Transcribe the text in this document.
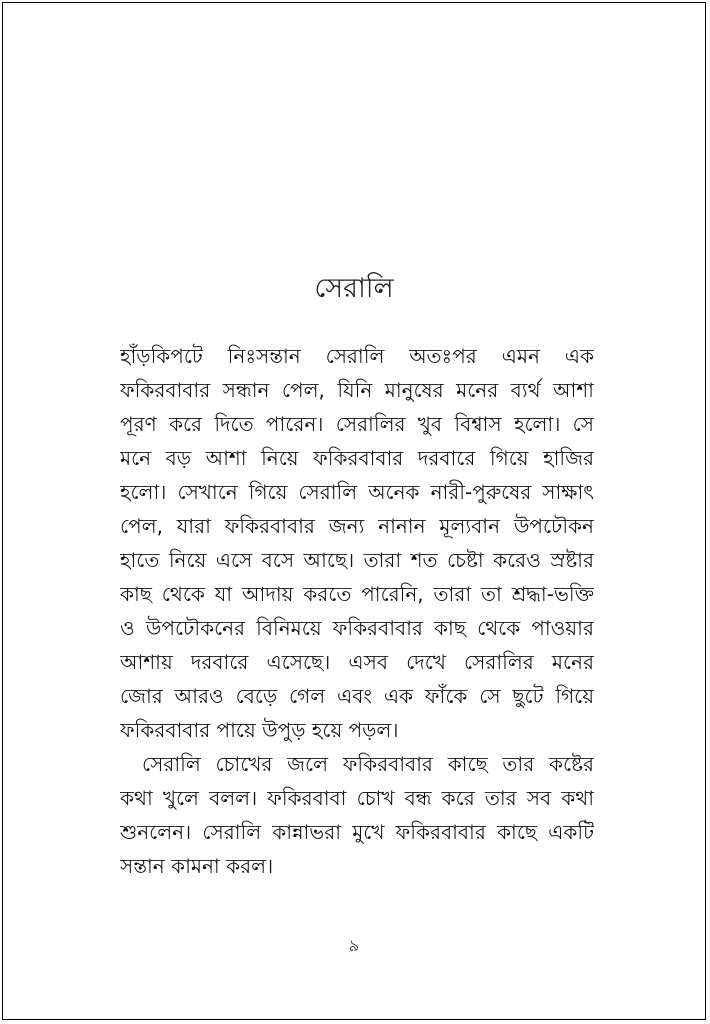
সেরালি
হাঁড়কিপটে নিঃসন্তান সেরালি অতঃপর এমন এক
ফকিরবাবার সন্ধান পেল, যিনি মানুষের মনের ব্যর্থ আশা
পূরণ করে দিতে পারেন। সেরালির খুব বিশ্বাস হলো। সে
মনে বড় আশা নিয়ে ফকিরবাবার দরবারে গিয়ে হাজির
হলো। সেখানে গিয়ে সেরালি অনেক নারী-পুরুষের সাক্ষাৎ
পেল, যারা ফকিরবাবার জন্য নানান মূল্যবান উপঢৌকন
হাতে নিয়ে এসে বসে আছে। তারা শত চেষ্টা করেও স্রষ্টার
কাছ থেকে যা আদায় করতে পারেনি, তারা তা শ্রদ্ধা-ভক্তি
ও উপঢৌকনের বিনিময়ে ফকিরবাবার কাছ থেকে পাওয়ার
আশায় দরবারে এসেছে। এসব দেখে সেরালির মনের
জোর আরও বেড়ে গেল এবং এক ফাঁকে সে ছুটে গিয়ে
ফকিরবাবার পায়ে উপুড় হয়ে পড়ল।
সেরালি চোখের জলে ফকিরবাবার কাছে তার কষ্টের
কথা খুলে বলল। ফকিরবাবা চোখ বন্ধ করে তার সব কথা
শুনলেন। সেরালি কান্নাভরা মুখে ফকিরবাবার কাছে একটি
সন্তান কামনা করল।
৯
